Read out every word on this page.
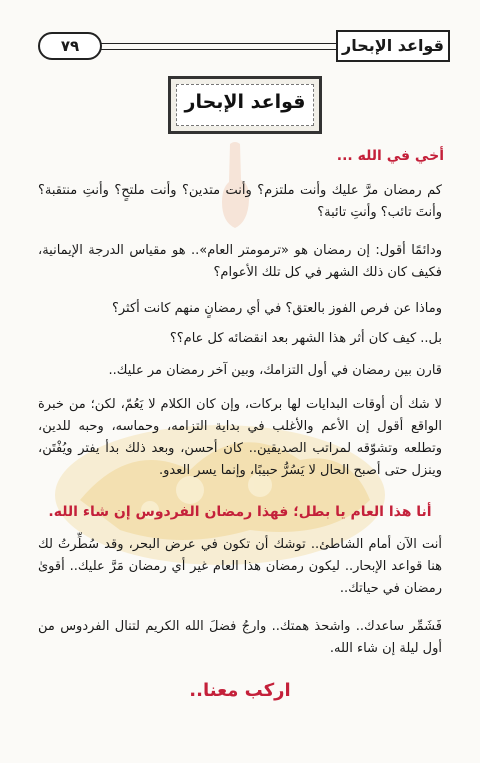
٧٩	قواعد الإبحار
قواعد الإبحار
أخي في الله ...

كم رمضان مرَّ عليك وأنت ملتزم؟ وأنت متدين؟ وأنت ملتحٍ؟ وأنتِ منتقبة؟ وأنتَ تائب؟ وأنتِ تائبة؟

ودائمًا أقول: إن رمضان هو «ترمومتر العام».. هو مقياس الدرجة الإيمانية، فكيف كان ذلك الشهر في كل تلك الأعوام؟

وماذا عن فرص الفوز بالعتق؟ في أي رمضانٍ منهم كانت أكثر؟

بل.. كيف كان أثر هذا الشهر بعد انقضائه كل عام؟؟

قارن بين رمضان في أول التزامك، وبين آخر رمضان مر عليك..

لا شك أن أوقات البدايات لها بركات، وإن كان الكلام لا يَعُمّ، لكن؛ من خبرة الواقع أقول إن الأعم والأغلب في بداية التزامه، وحماسه، وحبه للدين، وتطلعه وتشوّقه لمراتب الصديقين.. كان أحسن، وبعد ذلك بدأ يفتر ويُفْتَن، وينزل حتى أصبح الحال لا يَسُرُّ حبيبًا، وإنما يسر العدو.

أنا هذا العام يا بطل؛ فهذا رمضان الفردوس إن شاء الله.

أنت الآن أمام الشاطئ.. توشك أن تكون في عرض البحر، وقد سُطِّرتُ لك هنا قواعد الإبحار.. ليكون رمضان هذا العام غير أي رمضان مَرَّ عليك.. أقوىٰ رمضان في حياتك..

فَشَمِّر ساعدك.. واشحذ همتك.. وارجُ فضلَ الله الكريم لتنال الفردوس من أول ليلة إن شاء الله.

اركب معنا..
